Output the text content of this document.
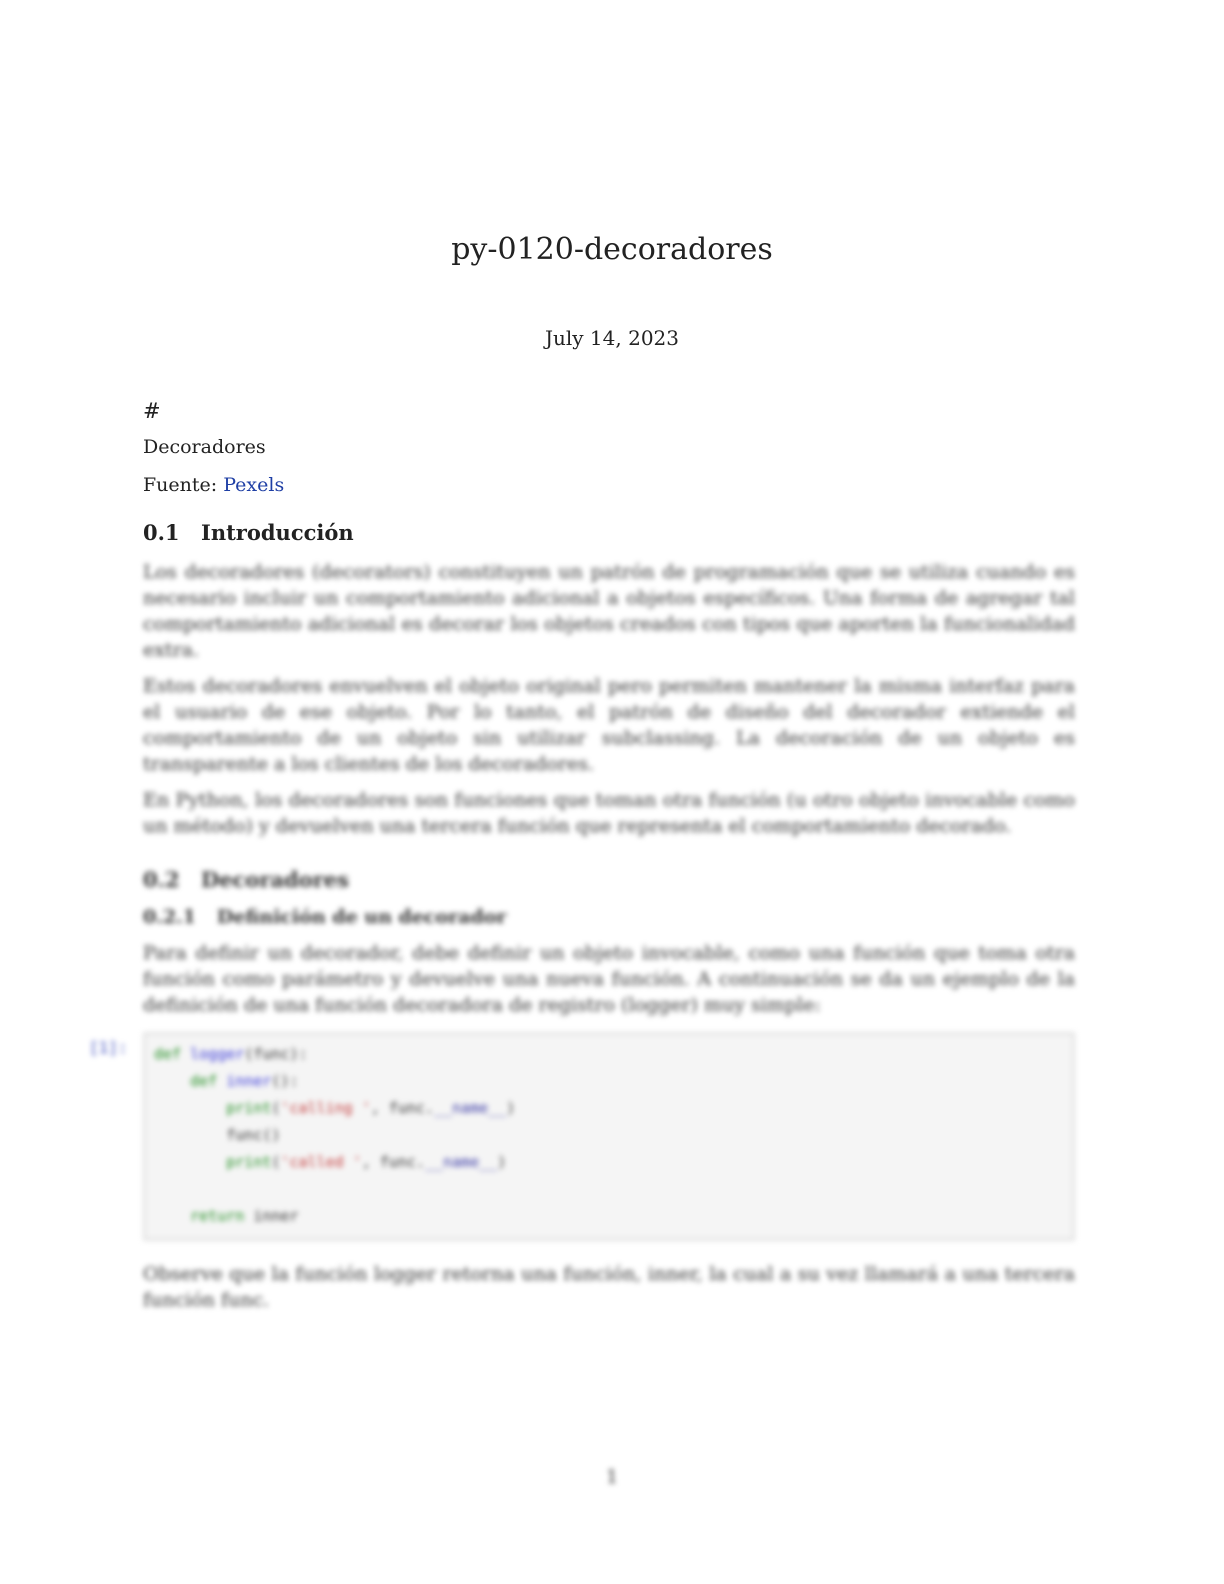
py-0120-decoradores
July 14, 2023

#

Decoradores

Fuente: Pexels

0.1 Introducción

Los decoradores (decorators) constituyen un patrón de programación que se utiliza cuando es necesario incluir un comportamiento adicional a objetos específicos. Una forma de agregar tal comportamiento adicional es decorar los objetos creados con tipos que aporten la funcionalidad extra.

Estos decoradores envuelven el objeto original pero permiten mantener la misma interfaz para el usuario de ese objeto. Por lo tanto, el patrón de diseño del decorador extiende el comportamiento de un objeto sin utilizar subclassing. La decoración de un objeto es transparente a los clientes de los decoradores.

En Python, los decoradores son funciones que toman otra función (u otro objeto invocable como un método) y devuelven una tercera función que representa el comportamiento decorado.

0.2 Decoradores
0.2.1 Definición de un decorador

Para definir un decorador, debe definir un objeto invocable, como una función que toma otra función como parámetro y devuelve una nueva función. A continuación se da un ejemplo de la definición de una función decoradora de registro (logger) muy simple:

[1]:	def logger(func):
def inner():
print('calling ', func.__name__)
func()
print('called ', func.__name__)

return inner

Observe que la función logger retorna una función, inner, la cual a su vez llamará a una tercera función func.

1
